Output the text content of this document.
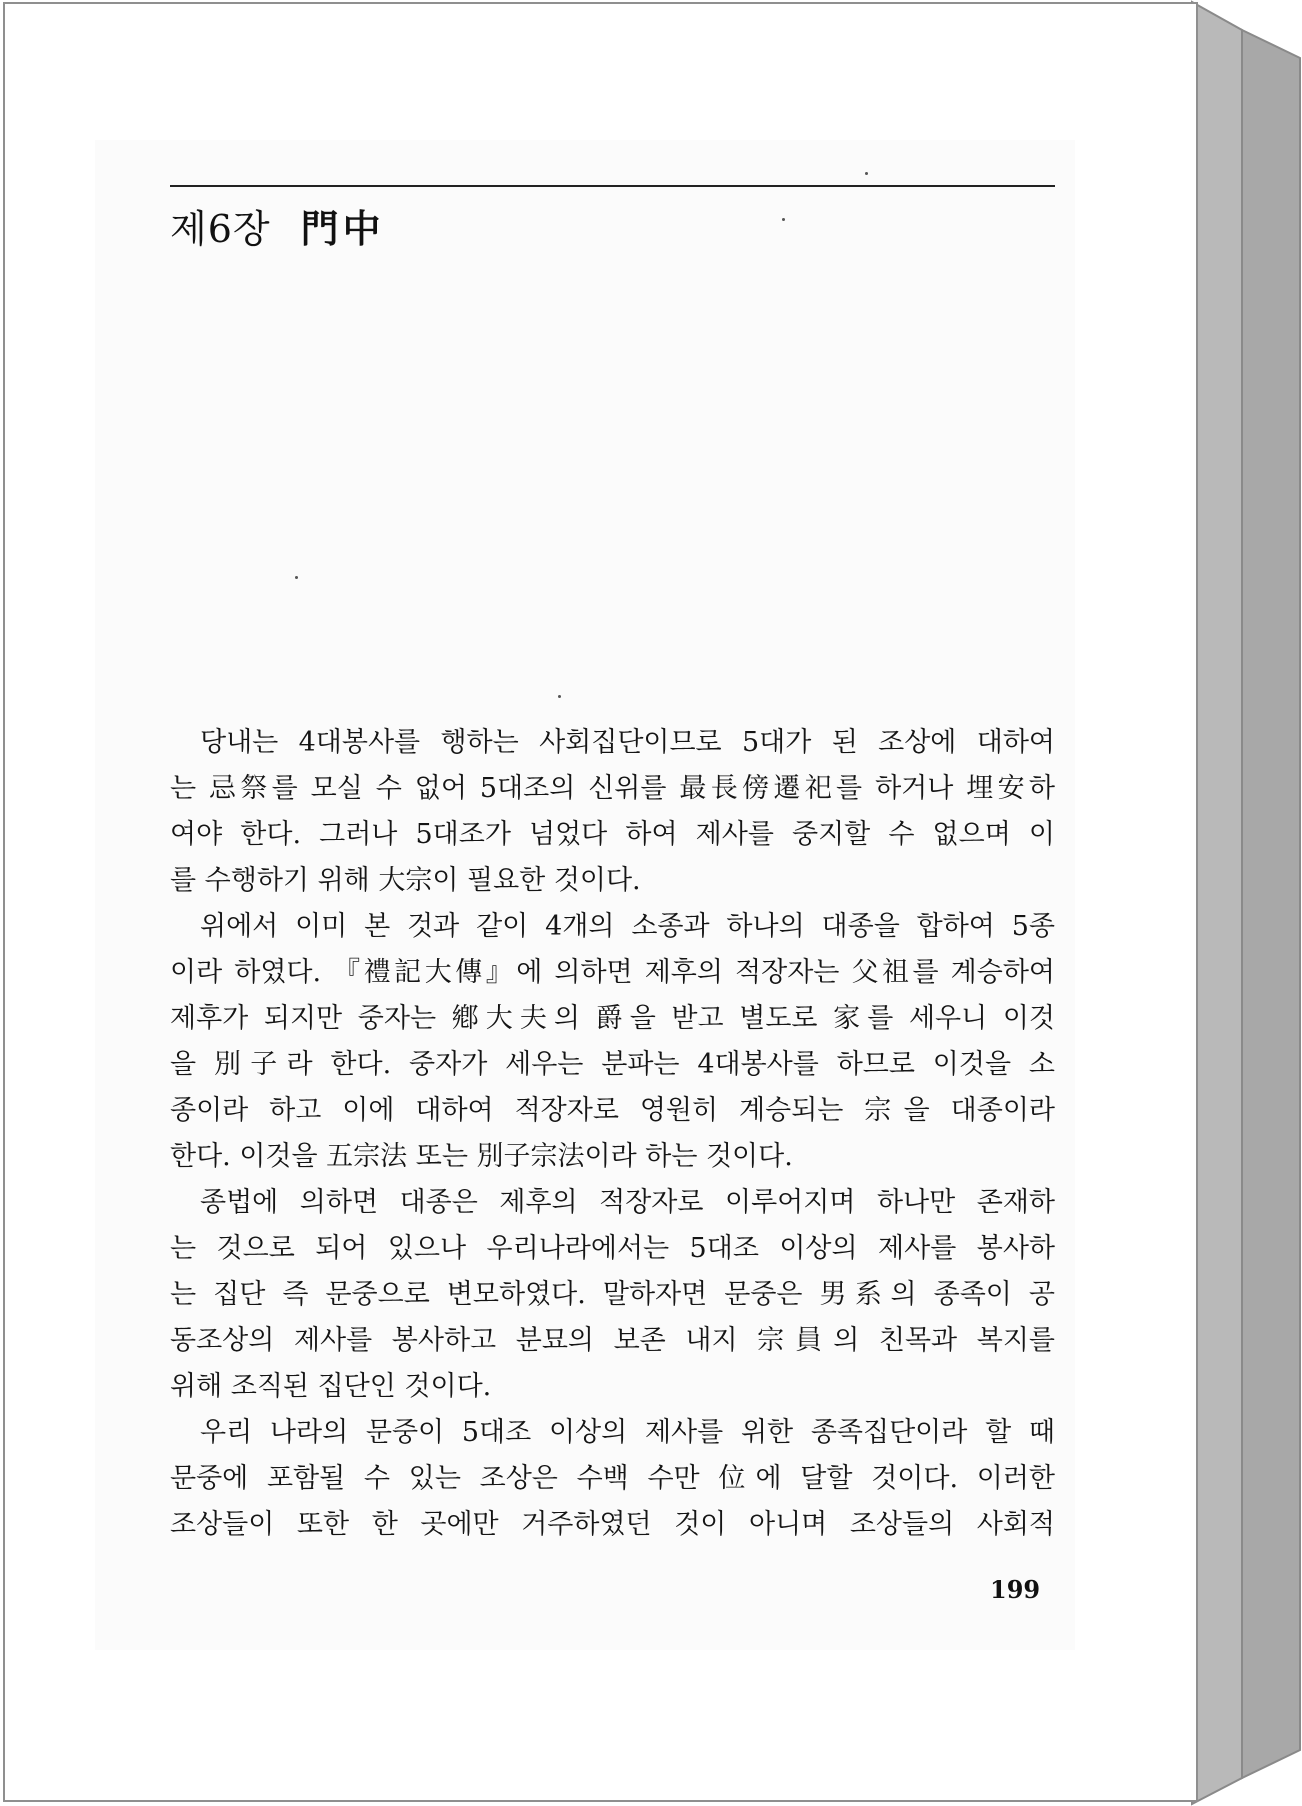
제6장 門中
당내는 4대봉사를 행하는 사회집단이므로 5대가 된 조상에 대하여
는 忌祭를 모실 수 없어 5대조의 신위를 最長傍遷祀를 하거나 埋安하
여야 한다. 그러나 5대조가 넘었다 하여 제사를 중지할 수 없으며 이
를 수행하기 위해 大宗이 필요한 것이다.
위에서 이미 본 것과 같이 4개의 소종과 하나의 대종을 합하여 5종
이라 하였다. 『禮記大傳』에 의하면 제후의 적장자는 父祖를 계승하여
제후가 되지만 중자는 鄕大夫의 爵을 받고 별도로 家를 세우니 이것
을 別子라 한다. 중자가 세우는 분파는 4대봉사를 하므로 이것을 소
종이라 하고 이에 대하여 적장자로 영원히 계승되는 宗을 대종이라
한다. 이것을 五宗法 또는 別子宗法이라 하는 것이다.
종법에 의하면 대종은 제후의 적장자로 이루어지며 하나만 존재하
는 것으로 되어 있으나 우리나라에서는 5대조 이상의 제사를 봉사하
는 집단 즉 문중으로 변모하였다. 말하자면 문중은 男系의 종족이 공
동조상의 제사를 봉사하고 분묘의 보존 내지 宗員의 친목과 복지를
위해 조직된 집단인 것이다.
우리 나라의 문중이 5대조 이상의 제사를 위한 종족집단이라 할 때
문중에 포함될 수 있는 조상은 수백 수만 位에 달할 것이다. 이러한
조상들이 또한 한 곳에만 거주하였던 것이 아니며 조상들의 사회적
199
